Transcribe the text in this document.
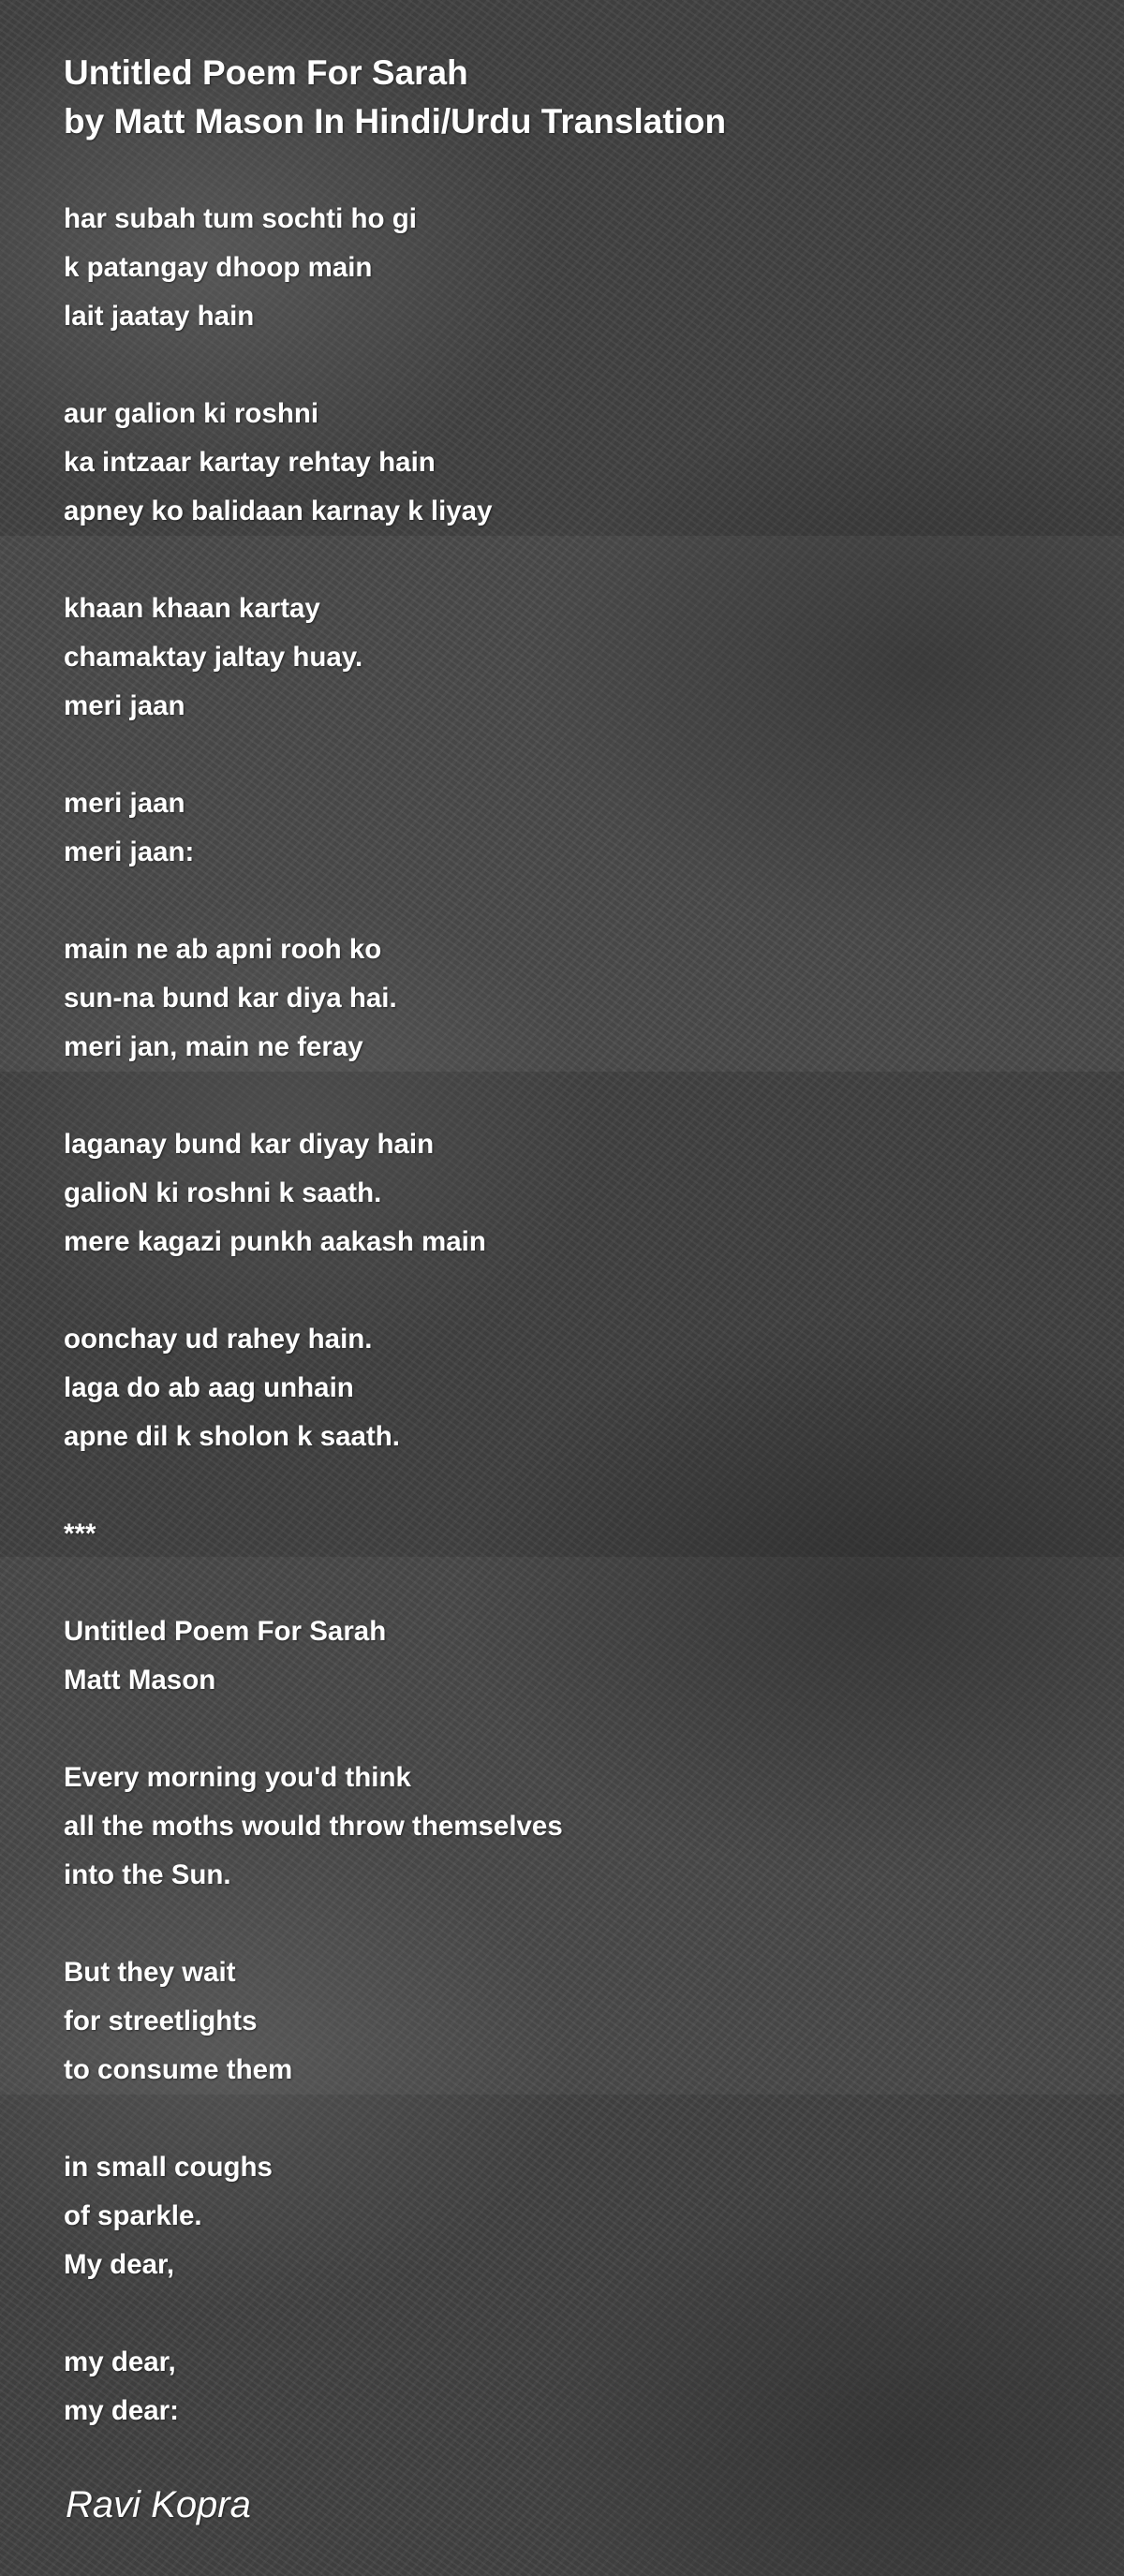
Untitled Poem For Sarah
by Matt Mason In Hindi/Urdu Translation
har subah tum sochti ho gi
k patangay dhoop main
lait jaatay hain
aur galion ki roshni
ka intzaar kartay rehtay hain
apney ko balidaan karnay k liyay
khaan khaan kartay
chamaktay jaltay huay.
meri jaan
meri jaan
meri jaan:
main ne ab apni rooh ko
sun-na bund kar diya hai.
meri jan, main ne feray
laganay bund kar diyay hain
galioN ki roshni k saath.
mere kagazi punkh aakash main
oonchay ud rahey hain.
laga do ab aag unhain
apne dil k sholon k saath.
***
Untitled Poem For Sarah
Matt Mason
Every morning you'd think
all the moths would throw themselves
into the Sun.
But they wait
for streetlights
to consume them
in small coughs
of sparkle.
My dear,
my dear,
my dear:
Ravi Kopra
